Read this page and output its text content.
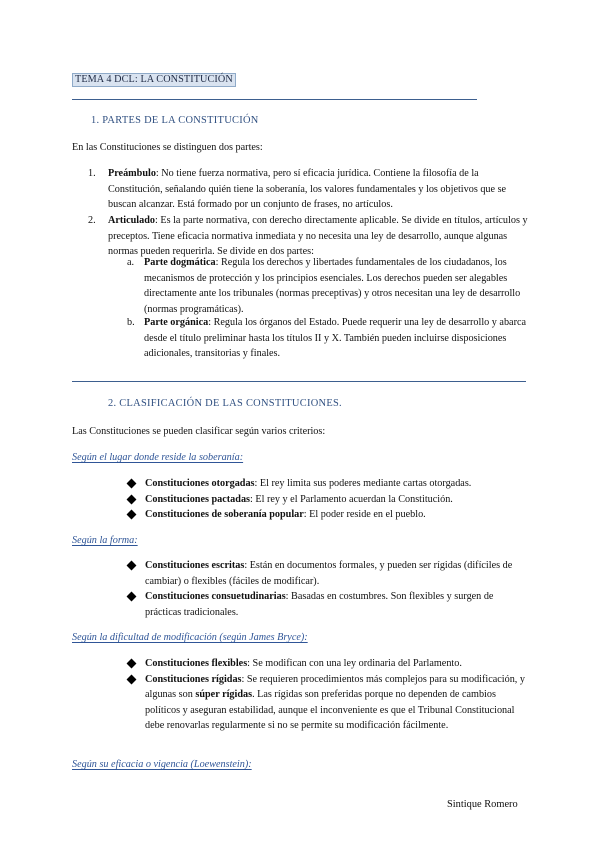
TEMA 4 DCL: LA CONSTITUCIÓN
1. PARTES DE LA CONSTITUCIÓN
En las Constituciones se distinguen dos partes:
1. Preámbulo: No tiene fuerza normativa, pero sí eficacia jurídica. Contiene la filosofía de la Constitución, señalando quién tiene la soberanía, los valores fundamentales y los objetivos que se buscan alcanzar. Está formado por un conjunto de frases, no artículos.
2. Articulado: Es la parte normativa, con derecho directamente aplicable. Se divide en títulos, artículos y preceptos. Tiene eficacia normativa inmediata y no necesita una ley de desarrollo, aunque algunas normas pueden requerirla. Se divide en dos partes:
a. Parte dogmática: Regula los derechos y libertades fundamentales de los ciudadanos, los mecanismos de protección y los principios esenciales. Los derechos pueden ser alegables directamente ante los tribunales (normas preceptivas) y otros necesitan una ley de desarrollo (normas programáticas).
b. Parte orgánica: Regula los órganos del Estado. Puede requerir una ley de desarrollo y abarca desde el título preliminar hasta los títulos II y X. También pueden incluirse disposiciones adicionales, transitorias y finales.
2. CLASIFICACIÓN DE LAS CONSTITUCIONES.
Las Constituciones se pueden clasificar según varios criterios:
Según el lugar donde reside la soberanía:
Constituciones otorgadas: El rey limita sus poderes mediante cartas otorgadas.
Constituciones pactadas: El rey y el Parlamento acuerdan la Constitución.
Constituciones de soberanía popular: El poder reside en el pueblo.
Según la forma:
Constituciones escritas: Están en documentos formales, y pueden ser rígidas (difíciles de cambiar) o flexibles (fáciles de modificar).
Constituciones consuetudinarias: Basadas en costumbres. Son flexibles y surgen de prácticas tradicionales.
Según la dificultad de modificación (según James Bryce):
Constituciones flexibles: Se modifican con una ley ordinaria del Parlamento.
Constituciones rígidas: Se requieren procedimientos más complejos para su modificación, y algunas son súper rígidas. Las rígidas son preferidas porque no dependen de cambios políticos y aseguran estabilidad, aunque el inconveniente es que el Tribunal Constitucional debe renovarlas regularmente si no se permite su modificación fácilmente.
Según su eficacia o vigencia (Loewenstein):
Sintique Romero
